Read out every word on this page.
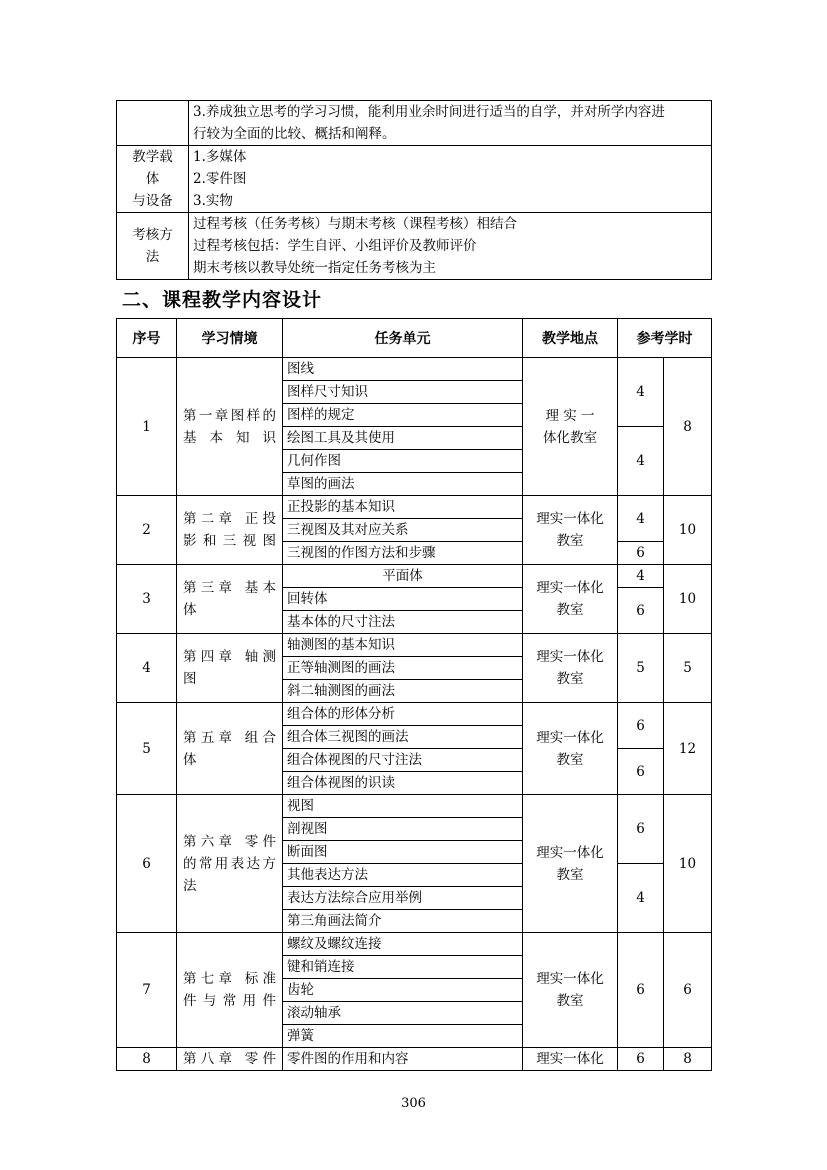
	3.养成独立思考的学习习惯，能利用业余时间进行适当的自学，并对所学内容进
行较为全面的比较、概括和阐释。

教学载
体
与设备	1.多媒体
2.零件图
3.实物

考核方
法	过程考核（任务考核）与期末考核（课程考核）相结合
过程考核包括：学生自评、小组评价及教师评价
期末考核以教导处统一指定任务考核为主
二、课程教学内容设计
序号	学习情境	任务单元	教学地点	参考学时	
1	第一章图样的
基本知识	图线	理 实 一
体化教室	4	8
		图样尺寸知识			
		图样的规定			
		绘图工具及其使用		4	
		几何作图			
		草图的画法			
2	第二章 正投
影和三视图	正投影的基本知识	理实一体化
教室	4	10
		三视图及其对应关系			
		三视图的作图方法和步骤		6	
3	第三章 基本
体	平面体	理实一体化
教室	4	10
		回转体		6	
		基本体的尺寸注法			
4	第四章 轴测
图	轴测图的基本知识	理实一体化
教室	5	5
		正等轴测图的画法			
		斜二轴测图的画法			
5	第五章 组合
体	组合体的形体分析	理实一体化
教室	6	12
		组合体三视图的画法			
		组合体视图的尺寸注法		6	
		组合体视图的识读			
6	第六章 零件
的常用表达方
法	视图	理实一体化
教室	6	10
		剖视图			
		断面图			
		其他表达方法		4	
		表达方法综合应用举例			
		第三角画法简介			
7	第七章 标准
件与常用件	螺纹及螺纹连接	理实一体化
教室	6	6
		键和销连接			
		齿轮			
		滚动轴承			
		弹簧			
8	第八章 零件	零件图的作用和内容	理实一体化	6	8
306
